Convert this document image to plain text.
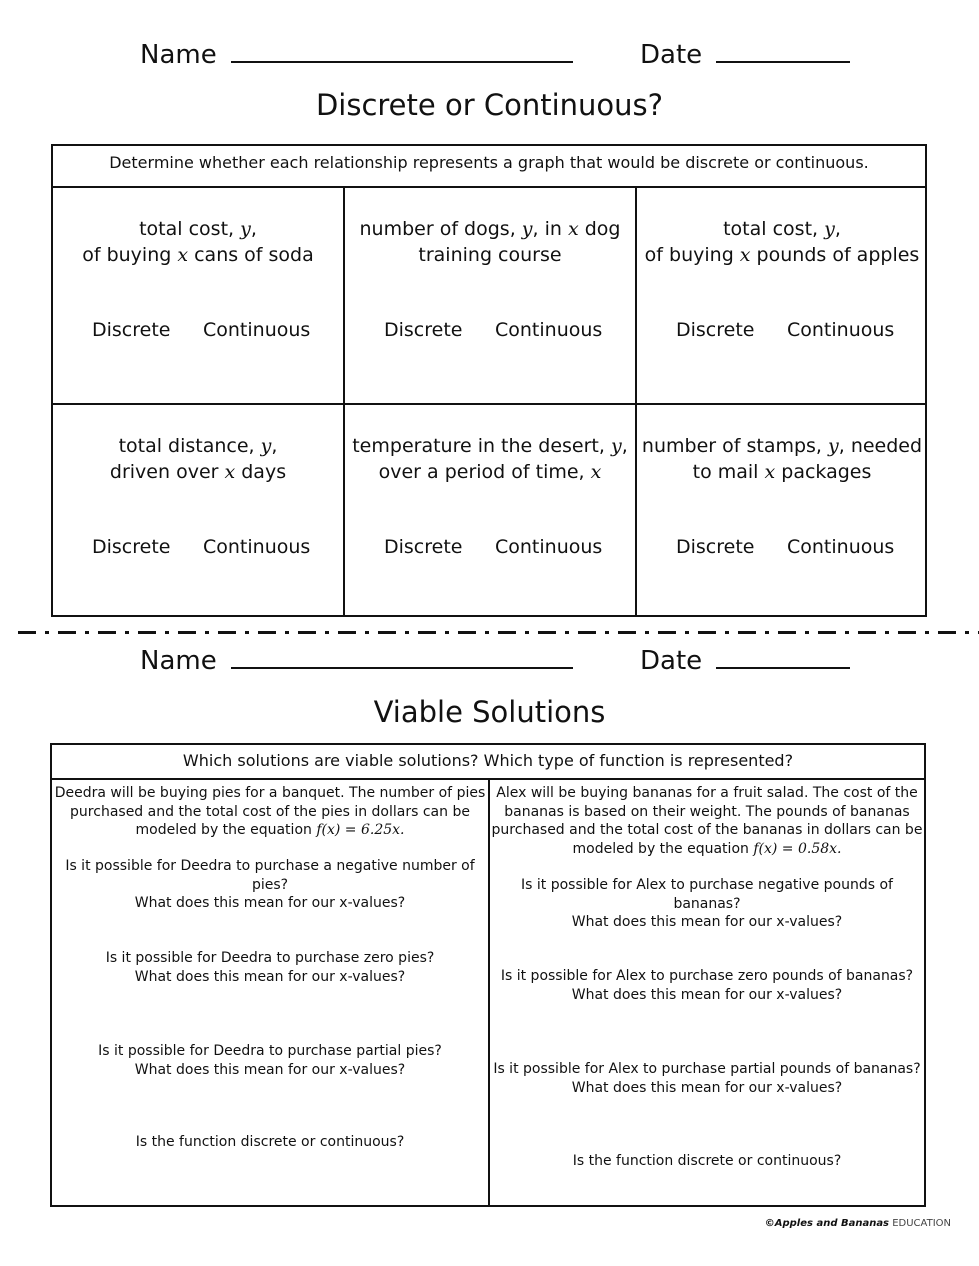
Name	Date
Discrete or Continuous?
Determine whether each relationship represents a graph that would be discrete or continuous.
total cost, y,
of buying x cans of soda
Discrete Continuous
number of dogs, y, in x dog
training course
Discrete Continuous
total cost, y,
of buying x pounds of apples
Discrete Continuous
total distance, y,
driven over x days
Discrete Continuous
temperature in the desert, y,
over a period of time, x
Discrete Continuous
number of stamps, y, needed
to mail x packages
Discrete Continuous
Name	Date
Viable Solutions
Which solutions are viable solutions? Which type of function is represented?

Deedra will be buying pies for a banquet. The number of pies

purchased and the total cost of the pies in dollars can be

modeled by the equation f(x) = 6.25x.

Is it possible for Deedra to purchase a negative number of pies?

What does this mean for our x-values?

Is it possible for Deedra to purchase zero pies?

What does this mean for our x-values?

Is it possible for Deedra to purchase partial pies?

What does this mean for our x-values?

Is the function discrete or continuous?

Alex will be buying bananas for a fruit salad. The cost of the

bananas is based on their weight. The pounds of bananas

purchased and the total cost of the bananas in dollars can be

modeled by the equation f(x) = 0.58x.

Is it possible for Alex to purchase negative pounds of bananas?

What does this mean for our x-values?

Is it possible for Alex to purchase zero pounds of bananas?

What does this mean for our x-values?

Is it possible for Alex to purchase partial pounds of bananas?

What does this mean for our x-values?

Is the function discrete or continuous?

©Apples and Bananas EDUCATION
